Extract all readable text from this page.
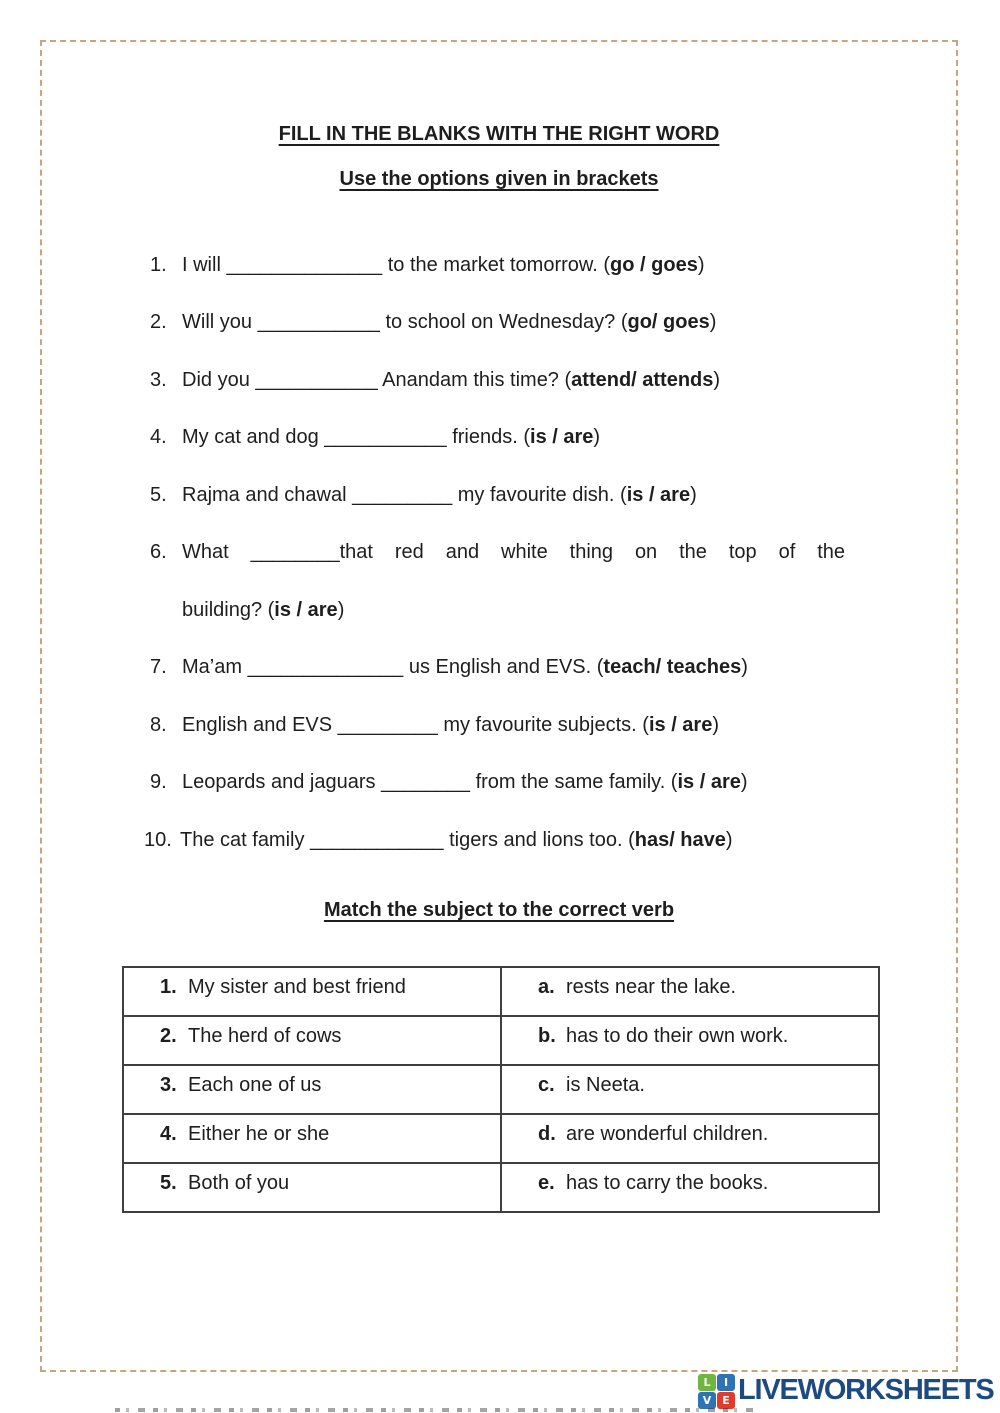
FILL IN THE BLANKS WITH THE RIGHT WORD
Use the options given in brackets
1. I will ______________ to the market tomorrow. (go / goes)
2. Will you ___________ to school on Wednesday? (go/ goes)
3. Did you ___________ Anandam this time? (attend/ attends)
4. My cat and dog ___________ friends. (is / are)
5. Rajma and chawal _________ my favourite dish. (is / are)
6. What ________that red and white thing on the top of the
building? (is / are)
7. Ma’am ______________ us English and EVS. (teach/ teaches)
8. English and EVS _________ my favourite subjects. (is / are)
9. Leopards and jaguars ________ from the same family. (is / are)
10. The cat family ____________ tigers and lions too. (has/ have)
Match the subject to the correct verb
1. My sister and best friend	a. rests near the lake.
2. The herd of cows	b. has to do their own work.
3. Each one of us	c. is Neeta.
4. Either he or she	d. are wonderful children.
5. Both of you	e. has to carry the books.
L	I
V E LIVEWORKSHEETS
